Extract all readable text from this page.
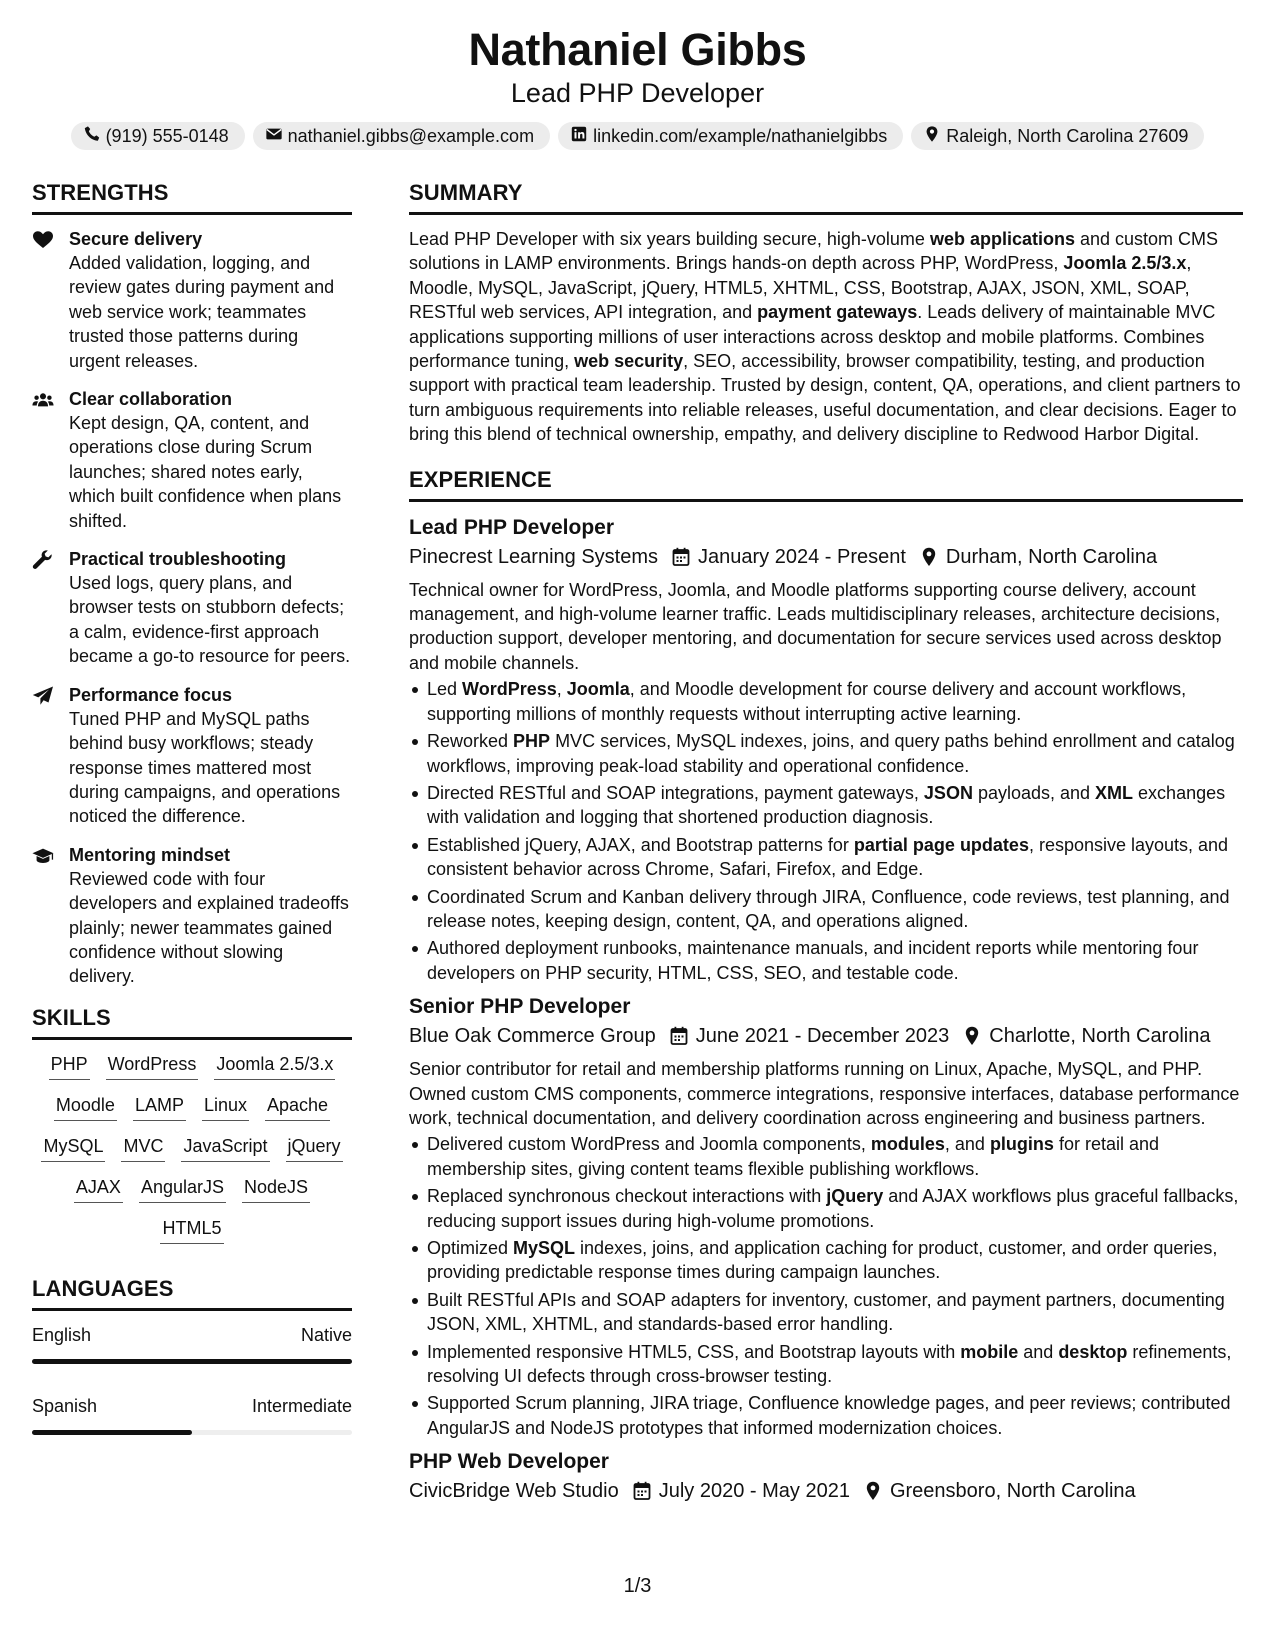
Nathaniel Gibbs
Lead PHP Developer
(919) 555-0148	nathaniel.gibbs@example.com	linkedin.com/example/nathanielgibbs	Raleigh, North Carolina 27609
STRENGTHS
Secure delivery
Added validation, logging, and review gates during payment and web service work; teammates trusted those patterns during urgent releases.
Clear collaboration
Kept design, QA, content, and operations close during Scrum launches; shared notes early, which built confidence when plans shifted.
Practical troubleshooting
Used logs, query plans, and browser tests on stubborn defects; a calm, evidence-first approach became a go-to resource for peers.
Performance focus
Tuned PHP and MySQL paths behind busy workflows; steady response times mattered most during campaigns, and operations noticed the difference.
Mentoring mindset
Reviewed code with four developers and explained tradeoffs plainly; newer teammates gained confidence without slowing delivery.
SKILLS
PHP WordPress Joomla 2.5/3.x
Moodle LAMP Linux Apache
MySQL MVC JavaScript jQuery
AJAX AngularJS NodeJS
HTML5
LANGUAGES
English	Native
Spanish	Intermediate
SUMMARY

Lead PHP Developer with six years building secure, high-volume web applications and custom CMS solutions in LAMP environments. Brings hands-on depth across PHP, WordPress, Joomla 2.5/3.x, Moodle, MySQL, JavaScript, jQuery, HTML5, XHTML, CSS, Bootstrap, AJAX, JSON, XML, SOAP, RESTful web services, API integration, and payment gateways. Leads delivery of maintainable MVC applications supporting millions of user interactions across desktop and mobile platforms. Combines performance tuning, web security, SEO, accessibility, browser compatibility, testing, and production support with practical team leadership. Trusted by design, content, QA, operations, and client partners to turn ambiguous requirements into reliable releases, useful documentation, and clear decisions. Eager to bring this blend of technical ownership, empathy, and delivery discipline to Redwood Harbor Digital.

EXPERIENCE
Lead PHP Developer
Pinecrest Learning Systems January 2024 - Present Durham, North Carolina

Technical owner for WordPress, Joomla, and Moodle platforms supporting course delivery, account management, and high-volume learner traffic. Leads multidisciplinary releases, architecture decisions, production support, developer mentoring, and documentation for secure services used across desktop and mobile channels.

Led WordPress, Joomla, and Moodle development for course delivery and account workflows, supporting millions of monthly requests without interrupting active learning.
Reworked PHP MVC services, MySQL indexes, joins, and query paths behind enrollment and catalog workflows, improving peak-load stability and operational confidence.
Directed RESTful and SOAP integrations, payment gateways, JSON payloads, and XML exchanges with validation and logging that shortened production diagnosis.
Established jQuery, AJAX, and Bootstrap patterns for partial page updates, responsive layouts, and consistent behavior across Chrome, Safari, Firefox, and Edge.
Coordinated Scrum and Kanban delivery through JIRA, Confluence, code reviews, test planning, and release notes, keeping design, content, QA, and operations aligned.
Authored deployment runbooks, maintenance manuals, and incident reports while mentoring four developers on PHP security, HTML, CSS, SEO, and testable code.
Senior PHP Developer
Blue Oak Commerce Group June 2021 - December 2023 Charlotte, North Carolina

Senior contributor for retail and membership platforms running on Linux, Apache, MySQL, and PHP. Owned custom CMS components, commerce integrations, responsive interfaces, database performance work, technical documentation, and delivery coordination across engineering and business partners.

Delivered custom WordPress and Joomla components, modules, and plugins for retail and membership sites, giving content teams flexible publishing workflows.
Replaced synchronous checkout interactions with jQuery and AJAX workflows plus graceful fallbacks, reducing support issues during high-volume promotions.
Optimized MySQL indexes, joins, and application caching for product, customer, and order queries, providing predictable response times during campaign launches.
Built RESTful APIs and SOAP adapters for inventory, customer, and payment partners, documenting JSON, XML, XHTML, and standards-based error handling.
Implemented responsive HTML5, CSS, and Bootstrap layouts with mobile and desktop refinements, resolving UI defects through cross-browser testing.
Supported Scrum planning, JIRA triage, Confluence knowledge pages, and peer reviews; contributed AngularJS and NodeJS prototypes that informed modernization choices.
PHP Web Developer
CivicBridge Web Studio July 2020 - May 2021 Greensboro, North Carolina
1/3
